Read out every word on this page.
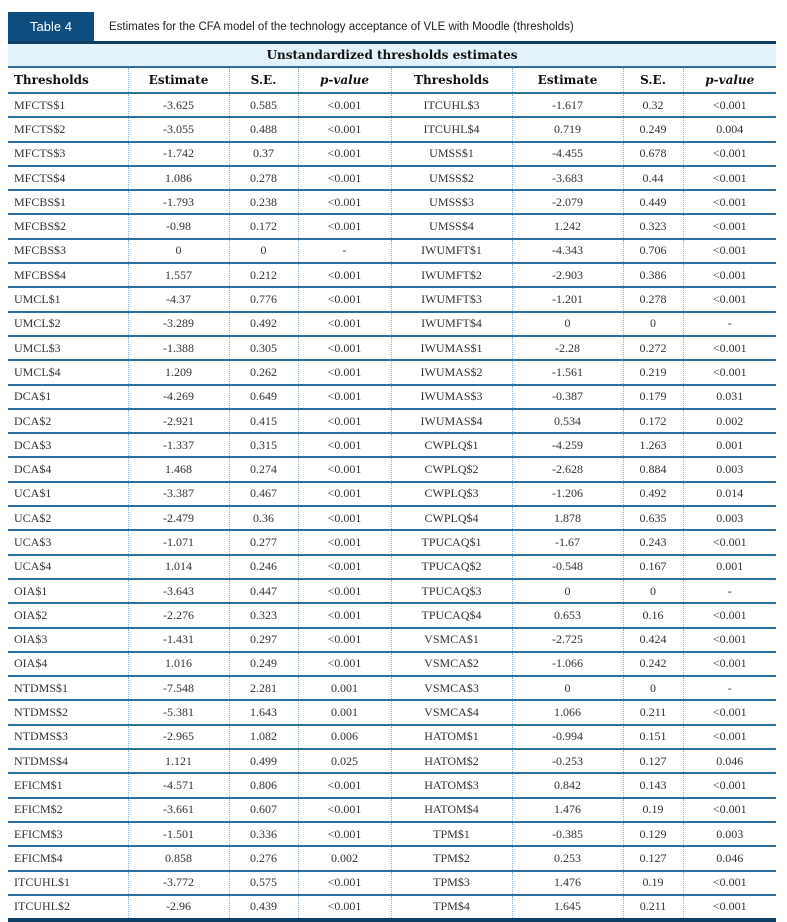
Table 4	Estimates for the CFA model of the technology acceptance of VLE with Moodle (thresholds)
Unstandardized thresholds estimates							
Thresholds	Estimate	S.E.	p-value	Thresholds	Estimate	S.E.	p-value
MFCTS$1	-3.625	0.585	<0.001	ITCUHL$3	-1.617	0.32	<0.001
MFCTS$2	-3.055	0.488	<0.001	ITCUHL$4	0.719	0.249	0.004
MFCTS$3	-1.742	0.37	<0.001	UMSS$1	-4.455	0.678	<0.001
MFCTS$4	1.086	0.278	<0.001	UMSS$2	-3.683	0.44	<0.001
MFCBS$1	-1.793	0.238	<0.001	UMSS$3	-2.079	0.449	<0.001
MFCBS$2	-0.98	0.172	<0.001	UMSS$4	1.242	0.323	<0.001
MFCBS$3	0	0	-	IWUMFT$1	-4.343	0.706	<0.001
MFCBS$4	1.557	0.212	<0.001	IWUMFT$2	-2.903	0.386	<0.001
UMCL$1	-4.37	0.776	<0.001	IWUMFT$3	-1.201	0.278	<0.001
UMCL$2	-3.289	0.492	<0.001	IWUMFT$4	0	0	-
UMCL$3	-1.388	0.305	<0.001	IWUMAS$1	-2.28	0.272	<0.001
UMCL$4	1.209	0.262	<0.001	IWUMAS$2	-1.561	0.219	<0.001
DCA$1	-4.269	0.649	<0.001	IWUMAS$3	-0.387	0.179	0.031
DCA$2	-2.921	0.415	<0.001	IWUMAS$4	0.534	0.172	0.002
DCA$3	-1.337	0.315	<0.001	CWPLQ$1	-4.259	1.263	0.001
DCA$4	1.468	0.274	<0.001	CWPLQ$2	-2.628	0.884	0.003
UCA$1	-3.387	0.467	<0.001	CWPLQ$3	-1.206	0.492	0.014
UCA$2	-2.479	0.36	<0.001	CWPLQ$4	1.878	0.635	0.003
UCA$3	-1.071	0.277	<0.001	TPUCAQ$1	-1.67	0.243	<0.001
UCA$4	1.014	0.246	<0.001	TPUCAQ$2	-0.548	0.167	0.001
OIA$1	-3.643	0.447	<0.001	TPUCAQ$3	0	0	-
OIA$2	-2.276	0.323	<0.001	TPUCAQ$4	0.653	0.16	<0.001
OIA$3	-1.431	0.297	<0.001	VSMCA$1	-2.725	0.424	<0.001
OIA$4	1.016	0.249	<0.001	VSMCA$2	-1.066	0.242	<0.001
NTDMS$1	-7.548	2.281	0.001	VSMCA$3	0	0	-
NTDMS$2	-5.381	1.643	0.001	VSMCA$4	1.066	0.211	<0.001
NTDMS$3	-2.965	1.082	0.006	HATOM$1	-0.994	0.151	<0.001
NTDMS$4	1.121	0.499	0.025	HATOM$2	-0.253	0.127	0.046
EFICM$1	-4.571	0.806	<0.001	HATOM$3	0.842	0.143	<0.001
EFICM$2	-3.661	0.607	<0.001	HATOM$4	1.476	0.19	<0.001
EFICM$3	-1.501	0.336	<0.001	TPM$1	-0.385	0.129	0.003
EFICM$4	0.858	0.276	0.002	TPM$2	0.253	0.127	0.046
ITCUHL$1	-3.772	0.575	<0.001	TPM$3	1.476	0.19	<0.001
ITCUHL$2	-2.96	0.439	<0.001	TPM$4	1.645	0.211	<0.001
